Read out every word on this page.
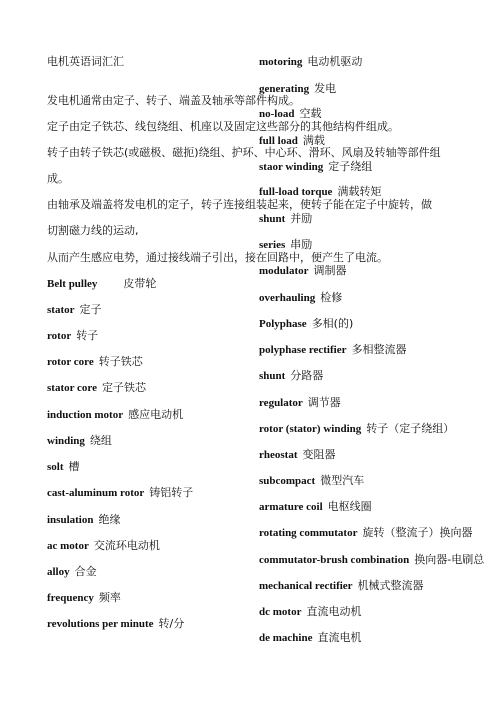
电机英语词汇汇	motoring 电动机驱动
generating 发电
no-load 空载
full load 满载
staor winding 定子绕组
full-load torque 满载转矩
shunt 并励
series 串励
modulator 调制器
overhauling 检修
Polyphase 多相(的)
polyphase rectifier 多相整流器
shunt 分路器
regulator 调节器
rotor (stator) winding 转子（定子绕组）
rheostat 变阻器
subcompact 微型汽车
armature coil 电枢线圈
rotating commutator 旋转（整流子）换向器
commutator-brush combination 换向器-电刷总
mechanical rectifier 机械式整流器
dc motor 直流电动机
de machine 直流电机
发电机通常由定子、转子、端盖及轴承等部件构成。
定子由定子铁芯、线包绕组、机座以及固定这些部分的其他结构件组成。
转子由转子铁芯(或磁极、磁扼)绕组、护环、中心环、滑环、风扇及转轴等部件组
成。
由轴承及端盖将发电机的定子，转子连接组装起来，使转子能在定子中旋转，做
切割磁力线的运动,
从而产生感应电势，通过接线端子引出，接在回路中，便产生了电流。
Belt pulley 皮带轮
stator 定子
rotor 转子
rotor core 转子铁芯
stator core 定子铁芯
induction motor 感应电动机
winding 绕组
solt 槽
cast-aluminum rotor 铸铝转子
insulation 绝缘
ac motor 交流环电动机
alloy 合金
frequency 频率
revolutions per minute 转/分
